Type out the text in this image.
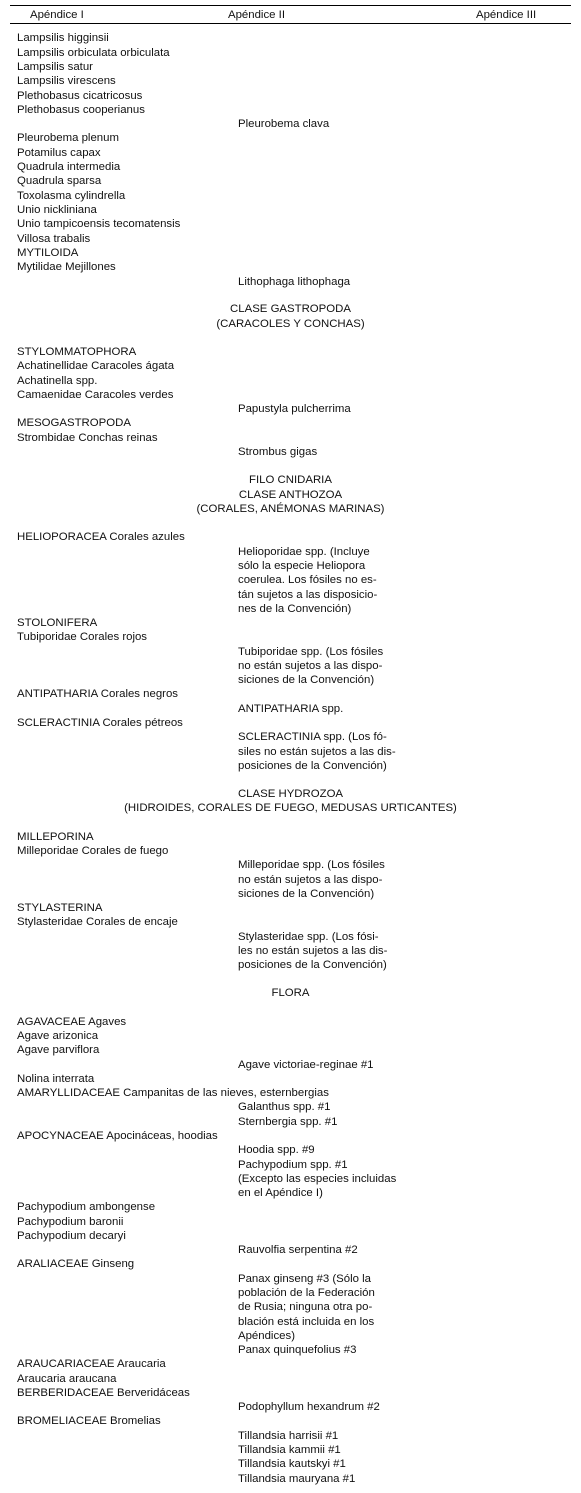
Apéndice I	Apéndice II	Apéndice III
Lampsilis higginsii
Lampsilis orbiculata orbiculata
Lampsilis satur
Lampsilis virescens
Plethobasus cicatricosus
Plethobasus cooperianus
Pleurobema clava
Pleurobema plenum
Potamilus capax
Quadrula intermedia
Quadrula sparsa
Toxolasma cylindrella
Unio nickliniana
Unio tampicoensis tecomatensis
Villosa trabalis
MYTILOIDA
Mytilidae Mejillones
Lithophaga lithophaga
CLASE GASTROPODA
(CARACOLES Y CONCHAS)
STYLOMMATOPHORA
Achatinellidae Caracoles ágata
Achatinella spp.
Camaenidae Caracoles verdes
Papustyla pulcherrima
MESOGASTROPODA
Strombidae Conchas reinas
Strombus gigas
FILO CNIDARIA
CLASE ANTHOZOA
(CORALES, ANÉMONAS MARINAS)
HELIOPORACEA Corales azules
Helioporidae spp. (Incluye
sólo la especie Heliopora
coerulea. Los fósiles no es-
tán sujetos a las disposicio-
nes de la Convención)
STOLONIFERA
Tubiporidae Corales rojos
Tubiporidae spp. (Los fósiles
no están sujetos a las dispo-
siciones de la Convención)
ANTIPATHARIA Corales negros
ANTIPATHARIA spp.
SCLERACTINIA Corales pétreos
SCLERACTINIA spp. (Los fó-
siles no están sujetos a las dis-
posiciones de la Convención)
CLASE HYDROZOA
(HIDROIDES, CORALES DE FUEGO, MEDUSAS URTICANTES)
MILLEPORINA
Milleporidae Corales de fuego
Milleporidae spp. (Los fósiles
no están sujetos a las dispo-
siciones de la Convención)
STYLASTERINA
Stylasteridae Corales de encaje
Stylasteridae spp. (Los fósi-
les no están sujetos a las dis-
posiciones de la Convención)
FLORA
AGAVACEAE Agaves
Agave arizonica
Agave parviflora
Agave victoriae-reginae #1
Nolina interrata
AMARYLLIDACEAE Campanitas de las nieves, esternbergias
Galanthus spp. #1
Sternbergia spp. #1
APOCYNACEAE Apocináceas, hoodias
Hoodia spp. #9
Pachypodium spp. #1
(Excepto las especies incluidas
en el Apéndice I)
Pachypodium ambongense
Pachypodium baronii
Pachypodium decaryi
Rauvolfia serpentina #2
ARALIACEAE Ginseng
Panax ginseng #3 (Sólo la
población de la Federación
de Rusia; ninguna otra po-
blación está incluida en los
Apéndices)
Panax quinquefolius #3
ARAUCARIACEAE Araucaria
Araucaria araucana
BERBERIDACEAE Berveridáceas
Podophyllum hexandrum #2
BROMELIACEAE Bromelias
Tillandsia harrisii #1
Tillandsia kammii #1
Tillandsia kautskyi #1
Tillandsia mauryana #1
